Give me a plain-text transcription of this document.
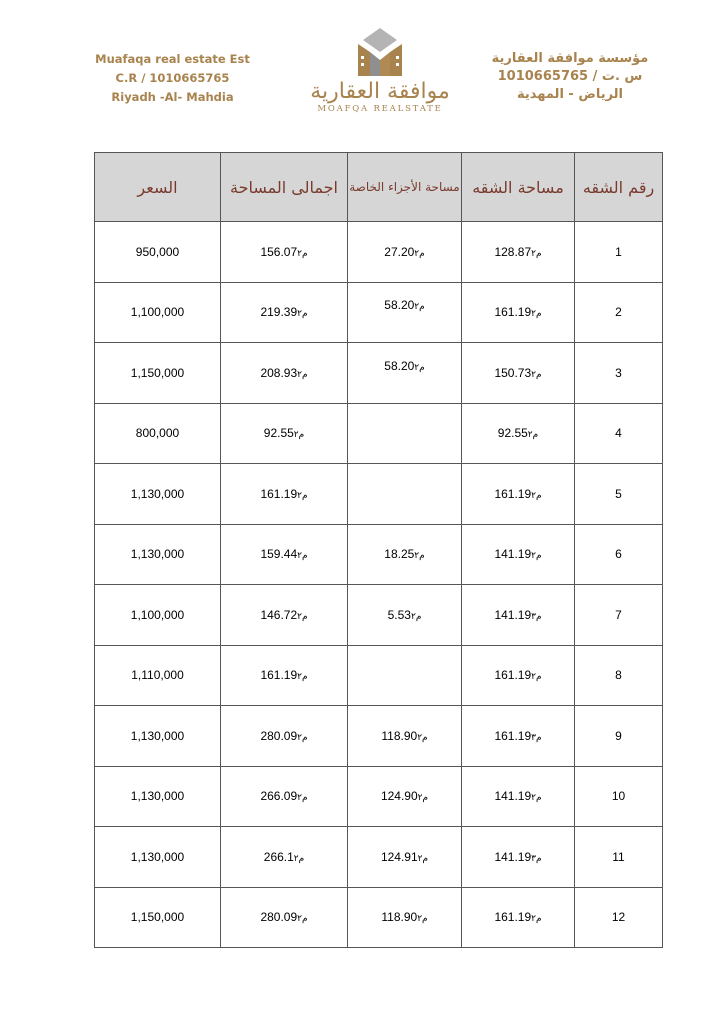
Muafaqa real estate Est
C.R / 1010665765
Riyadh -Al- Mahdia	موافقة العقارية
MOAFQA REALSTATE
مؤسسة موافقة العقارية
س .ت / 1010665765
الرياض - المهدية
رقم الشقه	مساحة الشقه	مساحة الأجزاء الخاصة	اجمالى المساحة	السعر
1	128.87م٢	27.20م٢	156.07م٢	950,000
2	161.19م٢	58.20م٢	219.39م٢	1,100,000
3	150.73م٢	58.20م٢	208.93م٢	1,150,000
4	92.55م٢		92.55م٢	800,000
5	161.19م٢		161.19م٢	1,130,000
6	141.19م٢	18.25م٢	159.44م٢	1,130,000
7	141.19م٣	5.53م٢	146.72م٢	1,100,000
8	161.19م٢		161.19م٢	1,110,000
9	161.19م٣	118.90م٢	280.09م٢	1,130,000
10	141.19م٢	124.90م٢	266.09م٢	1,130,000
11	141.19م٣	124.91م٢	266.1م٢	1,130,000
12	161.19م٢	118.90م٢	280.09م٢	1,150,000
